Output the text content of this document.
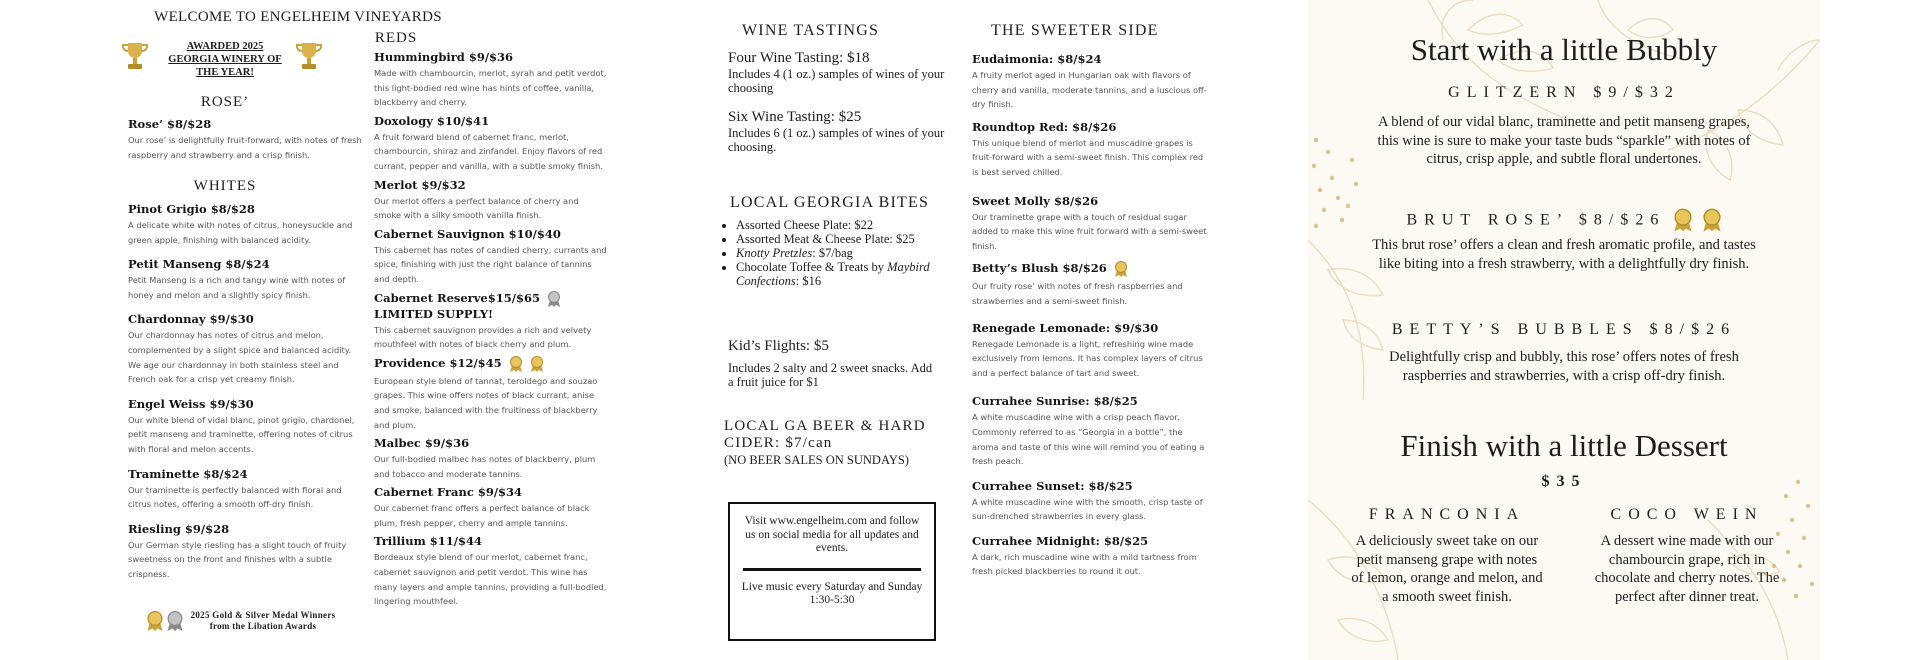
WELCOME TO ENGELHEIM VINEYARDS
AWARDED 2025 GEORGIA WINERY OF THE YEAR!
ROSE’
Rose’ $8/$28
Our rose’ is delightfully fruit-forward, with notes of fresh raspberry and strawberry and a crisp finish.
WHITES
Pinot Grigio $8/$28
A delicate white with notes of citrus, honeysuckle and green apple, finishing with balanced acidity.
Petit Manseng $8/$24
Petit Manseng is a rich and tangy wine with notes of honey and melon and a slightly spicy finish.
Chardonnay $9/$30
Our chardonnay has notes of citrus and melon, complemented by a slight spice and balanced acidity. We age our chardonnay in both stainless steel and French oak for a crisp yet creamy finish.
Engel Weiss $9/$30
Our white blend of vidal blanc, pinot grigio, chardonel, petit manseng and traminette, offering notes of citrus with floral and melon accents.
Traminette $8/$24
Our traminette is perfectly balanced with floral and citrus notes, offering a smooth off-dry finish.
Riesling $9/$28
Our German style riesling has a slight touch of fruity sweetness on the front and finishes with a subtle crispness.
REDS
Hummingbird $9/$36
Made with chambourcin, merlot, syrah and petit verdot, this light-bodied red wine has hints of coffee, vanilla, blackberry and cherry.
Doxology $10/$41
A fruit forward blend of cabernet franc, merlot, chambourcin, shiraz and zinfandel. Enjoy flavors of red currant, pepper and vanilla, with a subtle smoky finish.
Merlot $9/$32
Our merlot offers a perfect balance of cherry and smoke with a silky smooth vanilla finish.
Cabernet Sauvignon $10/$40
This cabernet has notes of candied cherry, currants and spice, finishing with just the right balance of tannins and depth.
Cabernet Reserve$15/$65
LIMITED SUPPLY!
This cabernet sauvignon provides a rich and velvety mouthfeel with notes of black cherry and plum.
Providence $12/$45
European style blend of tannat, teroldego and souzao grapes. This wine offers notes of black currant, anise and smoke, balanced with the fruitiness of blackberry and plum.
Malbec $9/$36
Our full-bodied malbec has notes of blackberry, plum and tobacco and moderate tannins.
Cabernet Franc $9/$34
Our cabernet franc offers a perfect balance of black plum, fresh pepper, cherry and ample tannins.
Trillium $11/$44
Bordeaux style blend of our merlot, cabernet franc, cabernet sauvignon and petit verdot. This wine has many layers and ample tannins, providing a full-bodied, lingering mouthfeel.
2025 Gold & Silver Medal Winners from the Libation Awards
WINE TASTINGS
Four Wine Tasting: $18
Includes 4 (1 oz.) samples of wines of your choosing
Six Wine Tasting: $25
Includes 6 (1 oz.) samples of wines of your choosing.
LOCAL GEORGIA BITES
• Assorted Cheese Plate: $22
• Assorted Meat & Cheese Plate: $25
• Knotty Pretzles: $7/bag
• Chocolate Toffee & Treats by Maybird Confections: $16
Kid’s Flights: $5
Includes 2 salty and 2 sweet snacks. Add a fruit juice for $1
LOCAL GA BEER & HARD CIDER: $7/can
(NO BEER SALES ON SUNDAYS)

Visit www.engelheim.com and follow us on social media for all updates and events.

Live music every Saturday and Sunday 1:30-5:30

THE SWEETER SIDE
Eudaimonia: $8/$24
A fruity merlot aged in Hungarian oak with flavors of cherry and vanilla, moderate tannins, and a luscious off-dry finish.
Roundtop Red: $8/$26
This unique blend of merlot and muscadine grapes is fruit-forward with a semi-sweet finish. This complex red is best served chilled.
Sweet Molly $8/$26
Our traminette grape with a touch of residual sugar added to make this wine fruit forward with a semi-sweet finish.
Betty’s Blush $8/$26
Our fruity rose’ with notes of fresh raspberries and strawberries and a semi-sweet finish.
Renegade Lemonade: $9/$30
Renegade Lemonade is a light, refreshing wine made exclusively from lemons. It has complex layers of citrus and a perfect balance of tart and sweet.
Currahee Sunrise: $8/$25
A white muscadine wine with a crisp peach flavor. Commonly referred to as “Georgia in a bottle”, the aroma and taste of this wine will remind you of eating a fresh peach.
Currahee Sunset: $8/$25
A white muscadine wine with the smooth, crisp taste of sun-drenched strawberries in every glass.
Currahee Midnight: $8/$25
A dark, rich muscadine wine with a mild tartness from fresh picked blackberries to round it out.
Start with a little Bubbly
GLITZERN $9/$32
A blend of our vidal blanc, traminette and petit manseng grapes, this wine is sure to make your taste buds “sparkle” with notes of citrus, crisp apple, and subtle floral undertones.
BRUT ROSE’ $8/$26
This brut rose’ offers a clean and fresh aromatic profile, and tastes like biting into a fresh strawberry, with a delightfully dry finish.
BETTY’S BUBBLES $8/$26
Delightfully crisp and bubbly, this rose’ offers notes of fresh raspberries and strawberries, with a crisp off-dry finish.
Finish with a little Dessert
$35
FRANCONIA
A deliciously sweet take on our petit manseng grape with notes of lemon, orange and melon, and a smooth sweet finish.
COCO WEIN
A dessert wine made with our chambourcin grape, rich in chocolate and cherry notes. The perfect after dinner treat.
